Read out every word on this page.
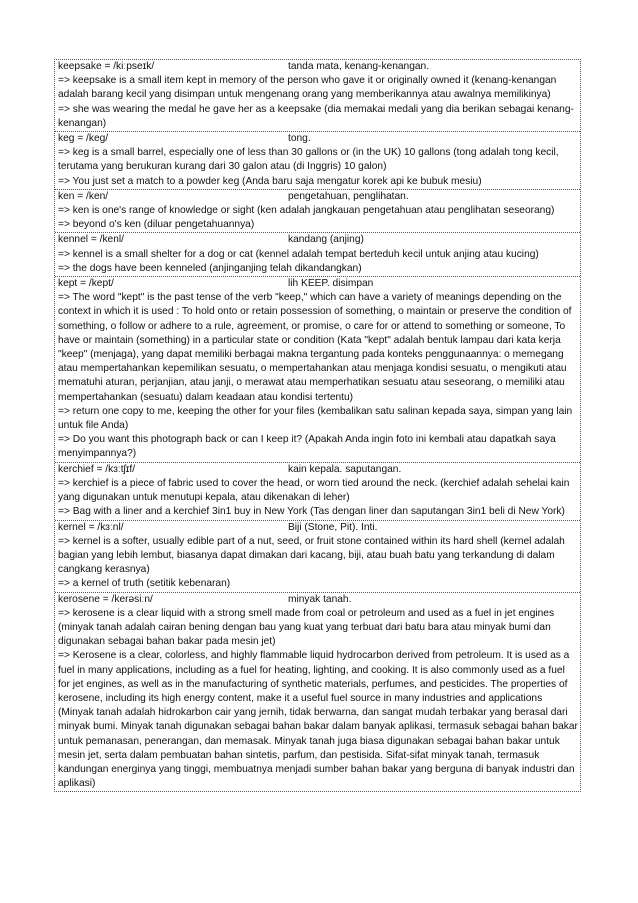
keepsake = /kiːpseɪk/	tanda mata, kenang-kenangan.

=> keepsake is a small item kept in memory of the person who gave it or originally owned it (kenang-kenangan adalah barang kecil yang disimpan untuk mengenang orang yang memberikannya atau awalnya memilikinya)

=> she was wearing the medal he gave her as a keepsake (dia memakai medali yang dia berikan sebagai kenang-kenangan)

keg = /keg/	tong.

=> keg is a small barrel, especially one of less than 30 gallons or (in the UK) 10 gallons (tong adalah tong kecil, terutama yang berukuran kurang dari 30 galon atau (di Inggris) 10 galon)

=> You just set a match to a powder keg (Anda baru saja mengatur korek api ke bubuk mesiu)

ken = /ken/	pengetahuan, penglihatan.

=> ken is one's range of knowledge or sight (ken adalah jangkauan pengetahuan atau penglihatan seseorang)

=> beyond o's ken (diluar pengetahuannya)

kennel = /kenl/	kandang (anjing)

=> kennel is a small shelter for a dog or cat (kennel adalah tempat berteduh kecil untuk anjing atau kucing)

=> the dogs have been kenneled (anjinganjing telah dikandangkan)

kept = /kept/	lih KEEP. disimpan

=> The word "kept" is the past tense of the verb "keep," which can have a variety of meanings depending on the context in which it is used : To hold onto or retain possession of something, o maintain or preserve the condition of something, o follow or adhere to a rule, agreement, or promise, o care for or attend to something or someone, To have or maintain (something) in a particular state or condition (Kata "kept" adalah bentuk lampau dari kata kerja "keep" (menjaga), yang dapat memiliki berbagai makna tergantung pada konteks penggunaannya: o memegang atau mempertahankan kepemilikan sesuatu, o mempertahankan atau menjaga kondisi sesuatu, o mengikuti atau mematuhi aturan, perjanjian, atau janji, o merawat atau memperhatikan sesuatu atau seseorang, o memiliki atau mempertahankan (sesuatu) dalam keadaan atau kondisi tertentu)

=> return one copy to me, keeping the other for your files (kembalikan satu salinan kepada saya, simpan yang lain untuk file Anda)

=> Do you want this photograph back or can I keep it? (Apakah Anda ingin foto ini kembali atau dapatkah saya menyimpannya?)

kerchief = /kɜːtʃɪf/	kain kepala. saputangan.

=> kerchief is a piece of fabric used to cover the head, or worn tied around the neck. (kerchief adalah sehelai kain yang digunakan untuk menutupi kepala, atau dikenakan di leher)

=> Bag with a liner and a kerchief 3in1 buy in New York (Tas dengan liner dan saputangan 3in1 beli di New York)

kernel = /kɜːnl/	Biji (Stone, Pit). Inti.

=> kernel is a softer, usually edible part of a nut, seed, or fruit stone contained within its hard shell (kernel adalah bagian yang lebih lembut, biasanya dapat dimakan dari kacang, biji, atau buah batu yang terkandung di dalam cangkang kerasnya)

=> a kernel of truth (setitik kebenaran)

kerosene = /kerəsiːn/	minyak tanah.

=> kerosene is a clear liquid with a strong smell made from coal or petroleum and used as a fuel in jet engines (minyak tanah adalah cairan bening dengan bau yang kuat yang terbuat dari batu bara atau minyak bumi dan digunakan sebagai bahan bakar pada mesin jet)

=> Kerosene is a clear, colorless, and highly flammable liquid hydrocarbon derived from petroleum. It is used as a fuel in many applications, including as a fuel for heating, lighting, and cooking. It is also commonly used as a fuel for jet engines, as well as in the manufacturing of synthetic materials, perfumes, and pesticides. The properties of kerosene, including its high energy content, make it a useful fuel source in many industries and applications (Minyak tanah adalah hidrokarbon cair yang jernih, tidak berwarna, dan sangat mudah terbakar yang berasal dari minyak bumi. Minyak tanah digunakan sebagai bahan bakar dalam banyak aplikasi, termasuk sebagai bahan bakar untuk pemanasan, penerangan, dan memasak. Minyak tanah juga biasa digunakan sebagai bahan bakar untuk mesin jet, serta dalam pembuatan bahan sintetis, parfum, dan pestisida. Sifat-sifat minyak tanah, termasuk kandungan energinya yang tinggi, membuatnya menjadi sumber bahan bakar yang berguna di banyak industri dan aplikasi)
